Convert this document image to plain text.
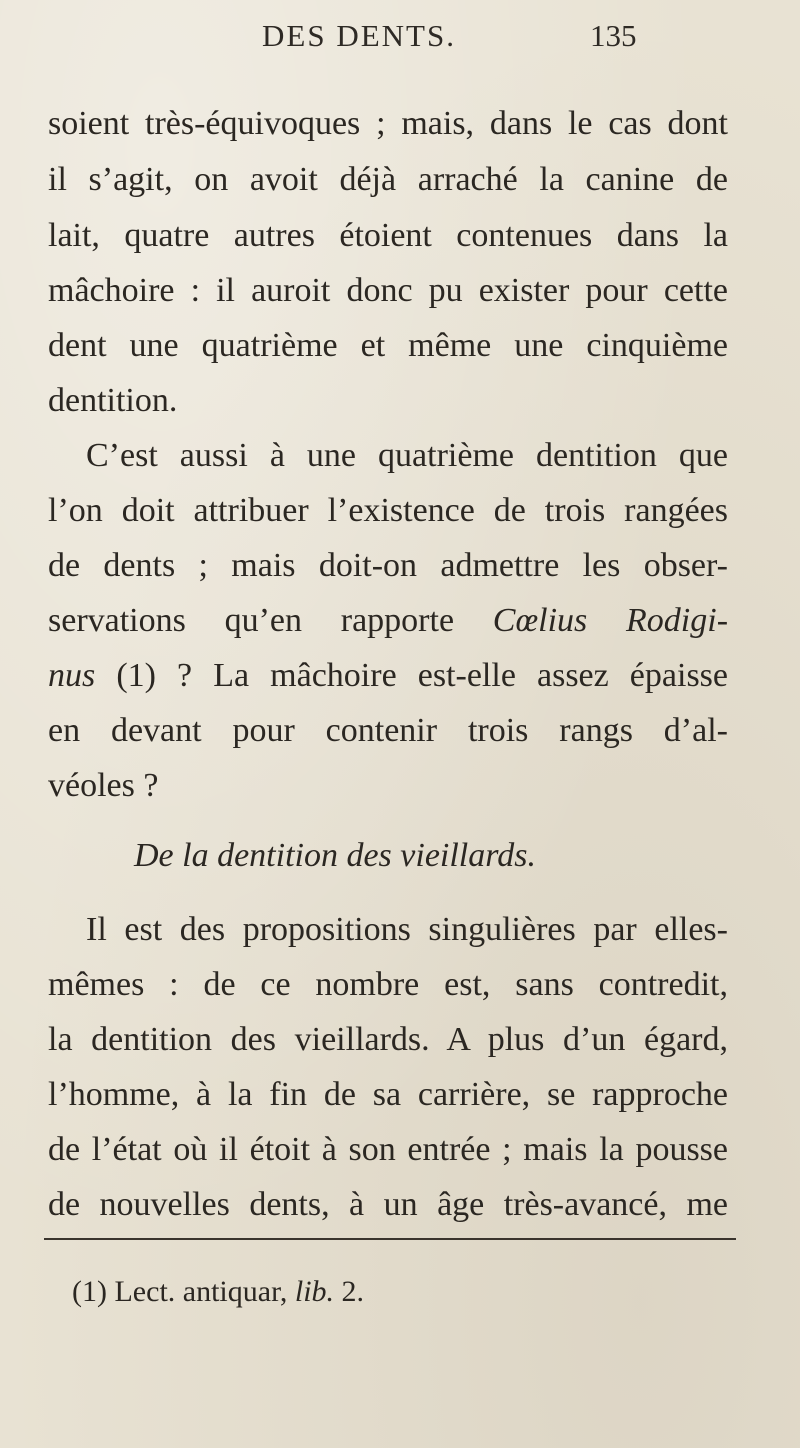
DES DENTS.	135
soient très-équivoques ; mais, dans le cas dont
il s’agit, on avoit déjà arraché la canine de
lait, quatre autres étoient contenues dans la
mâchoire : il auroit donc pu exister pour cette
dent une quatrième et même une cinquième
dentition.
C’est aussi à une quatrième dentition que
l’on doit attribuer l’existence de trois rangées
de dents ; mais doit-on admettre les obser-
servations qu’en rapporte Cœlius Rodigi-
nus (1) ? La mâchoire est-elle assez épaisse
en devant pour contenir trois rangs d’al-
véoles ?
De la dentition des vieillards.
Il est des propositions singulières par elles-
mêmes : de ce nombre est, sans contredit,
la dentition des vieillards. A plus d’un égard,
l’homme, à la fin de sa carrière, se rapproche
de l’état où il étoit à son entrée ; mais la pousse
de nouvelles dents, à un âge très-avancé, me
(1) Lect. antiquar, lib. 2.
